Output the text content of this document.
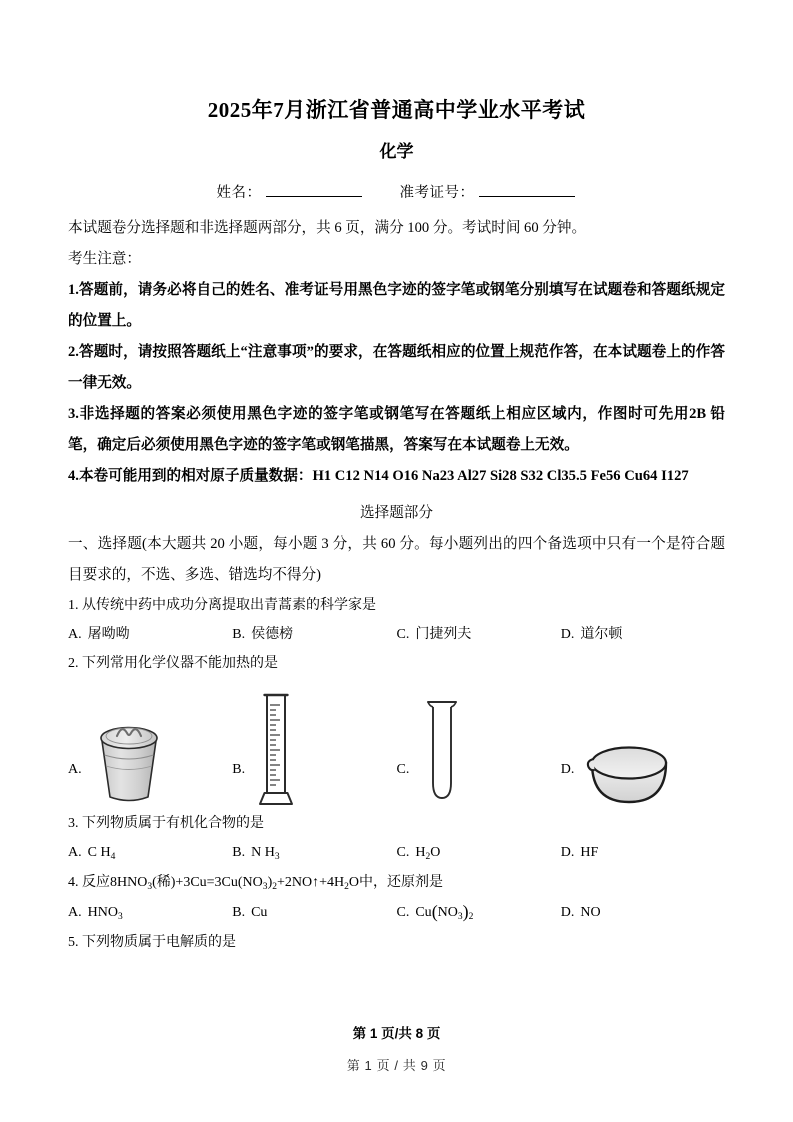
2025年7月浙江省普通高中学业水平考试
化学

姓名：	准考证号：

本试题卷分选择题和非选择题两部分，共 6 页，满分 100 分。考试时间 60 分钟。

考生注意：

1.答题前，请务必将自己的姓名、准考证号用黑色字迹的签字笔或钢笔分别填写在试题卷和答题纸规定的位置上。

2.答题时，请按照答题纸上“注意事项”的要求，在答题纸相应的位置上规范作答，在本试题卷上的作答一律无效。

3.非选择题的答案必须使用黑色字迹的签字笔或钢笔写在答题纸上相应区域内，作图时可先用2B 铅笔，确定后必须使用黑色字迹的签字笔或钢笔描黑，答案写在本试题卷上无效。

4.本卷可能用到的相对原子质量数据：H1 C12 N14 O16 Na23 Al27 Si28 S32 Cl35.5 Fe56 Cu64 I127

选择题部分

一、选择题(本大题共 20 小题，每小题 3 分，共 60 分。每小题列出的四个备选项中只有一个是符合题目要求的，不选、多选、错选均不得分)

1. 从传统中药中成功分离提取出青蒿素的科学家是

A. 屠呦呦	B. 侯德榜	C. 门捷列夫	D. 道尔顿

2. 下列常用化学仪器不能加热的是

A.	B.	C.	D.

3. 下列物质属于有机化合物的是

A. C $H_4$	B. N $H_3$	C. $H_2O$	D. HF

4. 反应$8HNO_3$(稀)$+3Cu=3Cu(NO_3)_2+2NO↑+4H_2O$中，还原剂是

A. $HNO_3$	B. Cu	C. $Cu(NO_3)_2$	D. NO

5. 下列物质属于电解质的是

第 1 页/共 8 页
第 1 页 / 共 9 页
